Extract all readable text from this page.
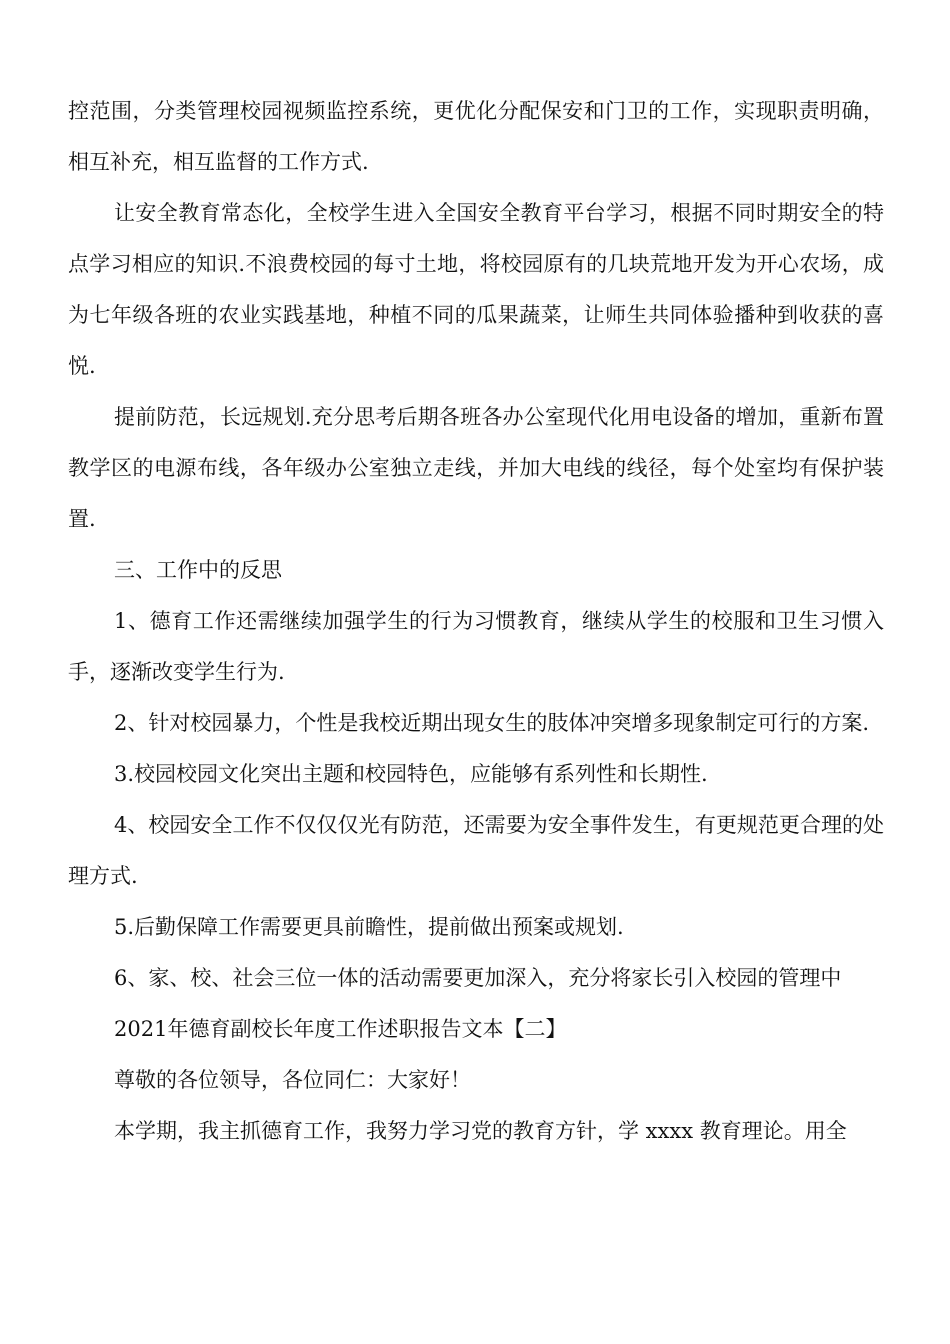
控范围，分类管理校园视频监控系统，更优化分配保安和门卫的工作，实现职责明确，相互补充，相互监督的工作方式.

让安全教育常态化，全校学生进入全国安全教育平台学习，根据不同时期安全的特点学习相应的知识.不浪费校园的每寸土地，将校园原有的几块荒地开发为开心农场，成为七年级各班的农业实践基地，种植不同的瓜果蔬菜，让师生共同体验播种到收获的喜悦.

提前防范，长远规划.充分思考后期各班各办公室现代化用电设备的增加，重新布置教学区的电源布线，各年级办公室独立走线，并加大电线的线径，每个处室均有保护装置.

三、工作中的反思

1、德育工作还需继续加强学生的行为习惯教育，继续从学生的校服和卫生习惯入手，逐渐改变学生行为.

2、针对校园暴力，个性是我校近期出现女生的肢体冲突增多现象制定可行的方案.

3.校园校园文化突出主题和校园特色，应能够有系列性和长期性.

4、校园安全工作不仅仅仅光有防范，还需要为安全事件发生，有更规范更合理的处理方式.

5.后勤保障工作需要更具前瞻性，提前做出预案或规划.

6、家、校、社会三位一体的活动需要更加深入，充分将家长引入校园的管理中

2021年德育副校长年度工作述职报告文本【二】

尊敬的各位领导，各位同仁：大家好！

本学期，我主抓德育工作，我努力学习党的教育方针，学 xxxx 教育理论。用全
